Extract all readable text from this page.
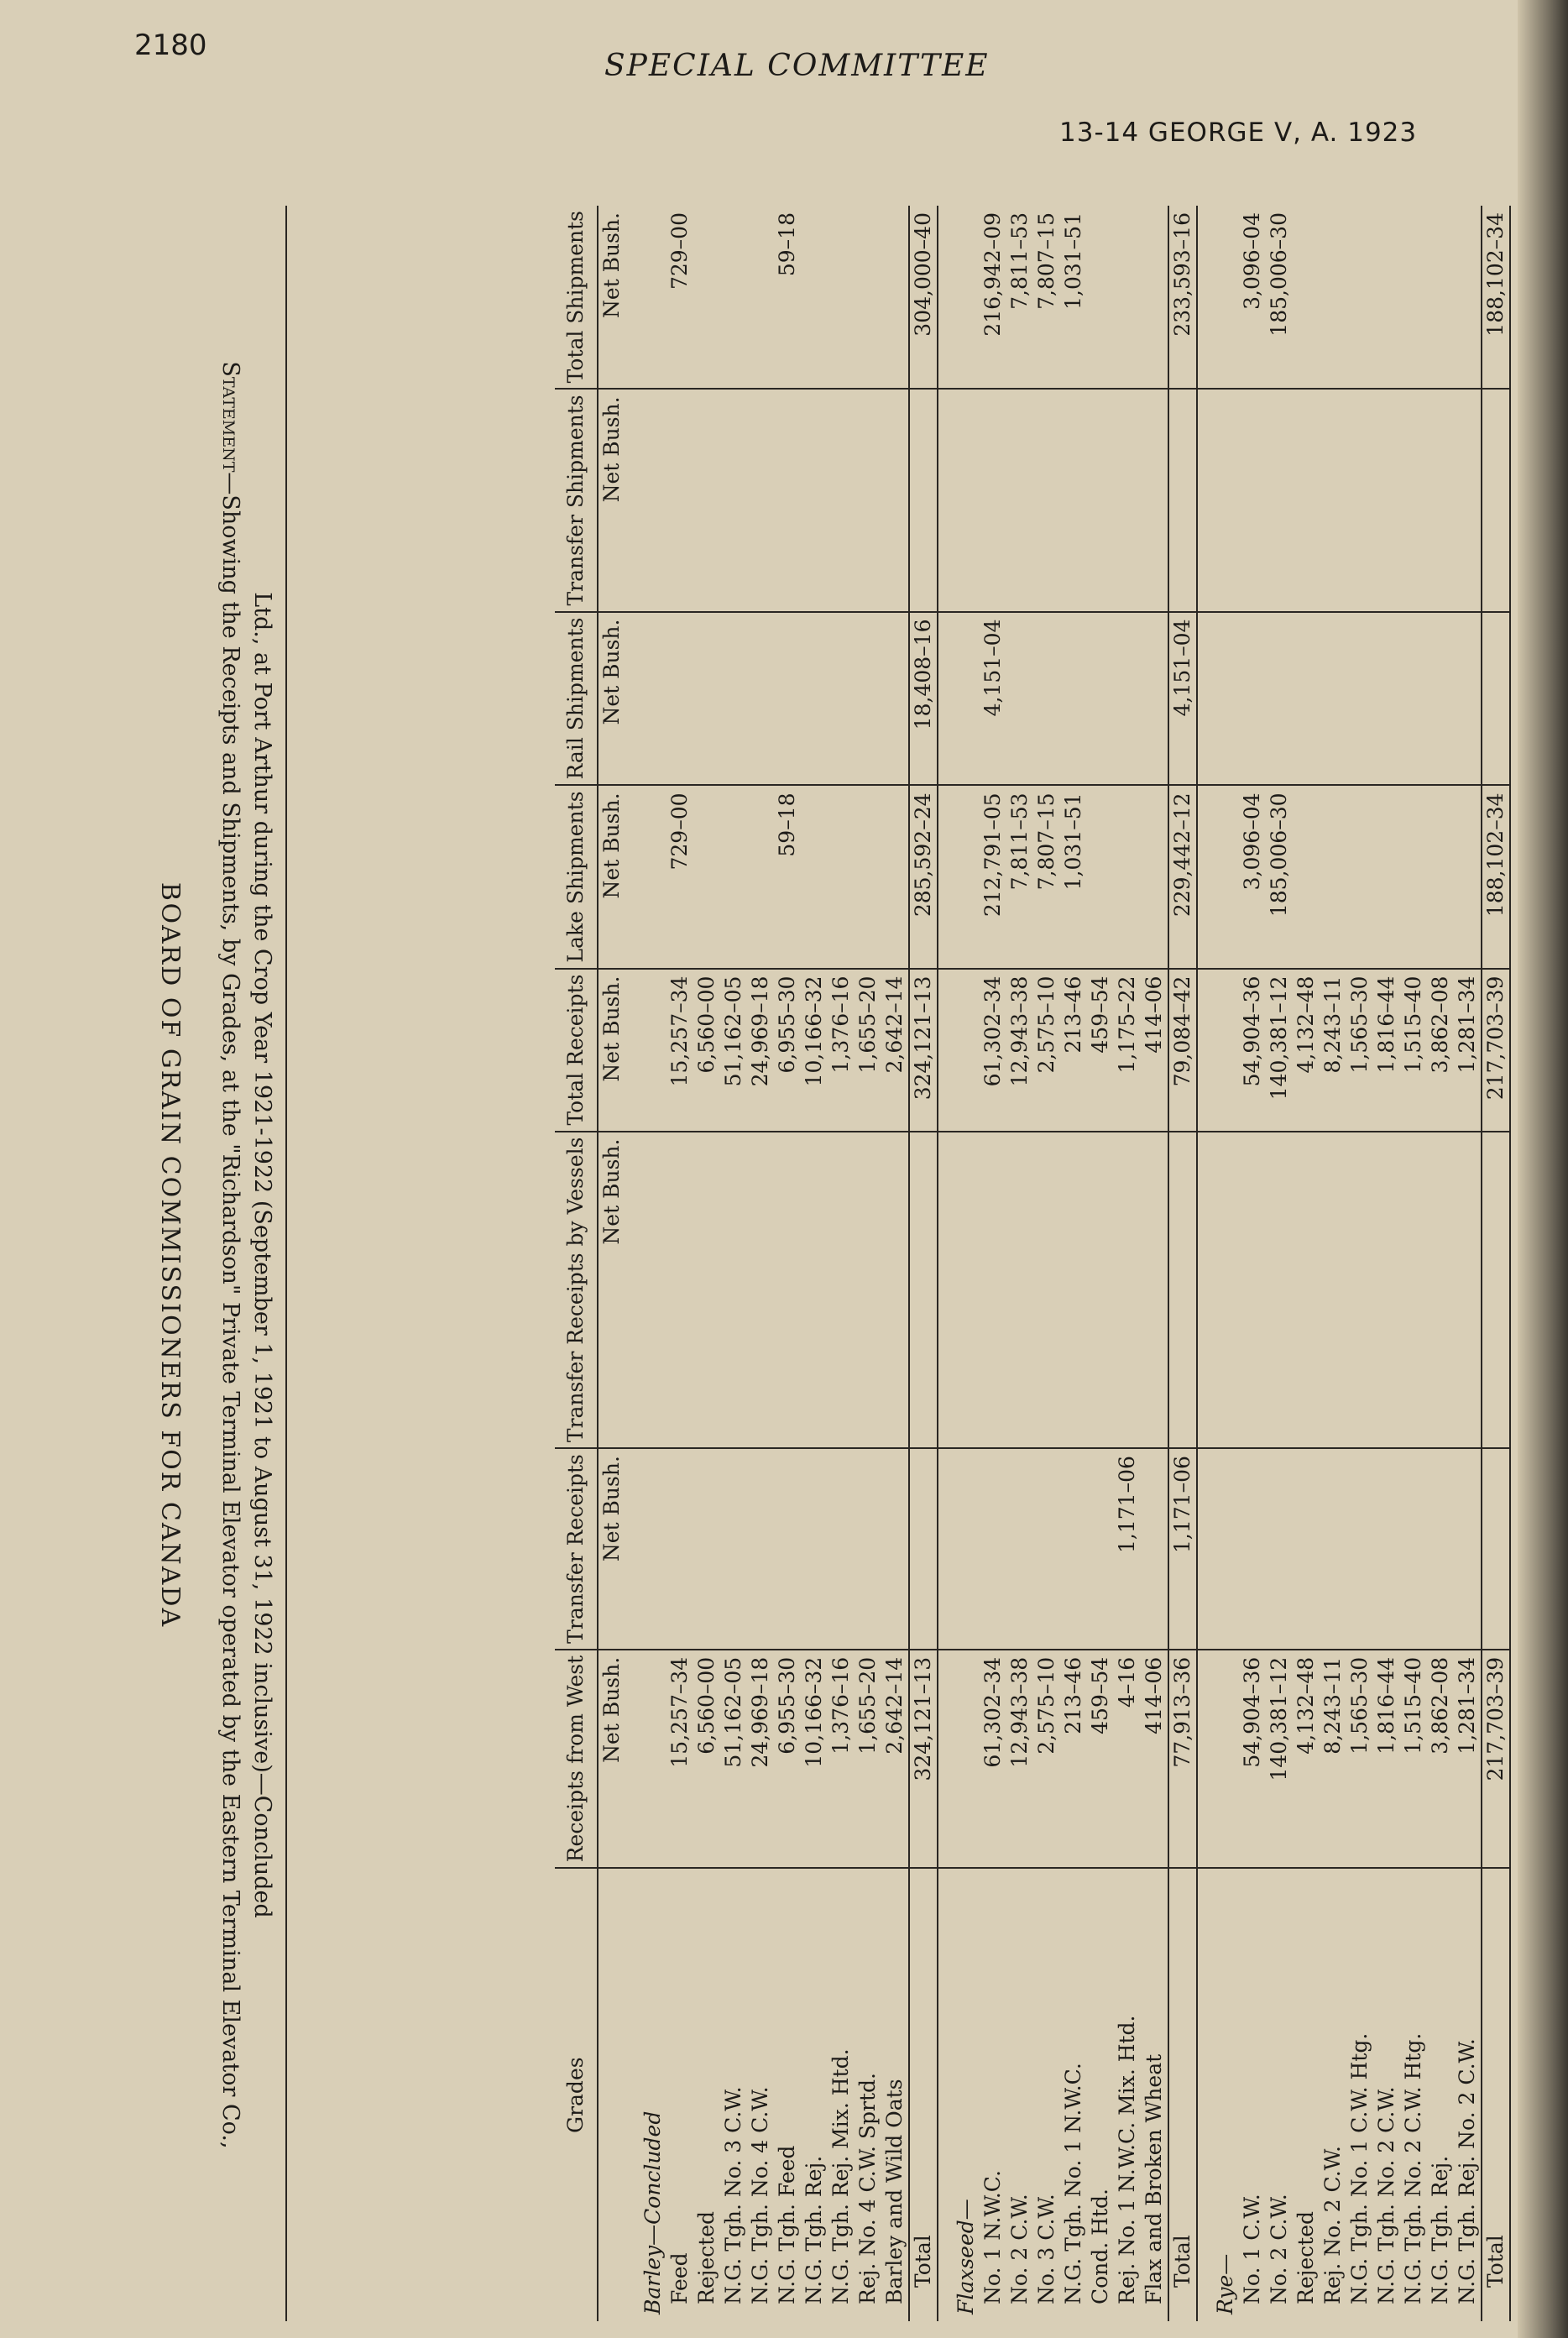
2180
SPECIAL COMMITTEE
13-14 GEORGE V, A. 1923
BOARD OF GRAIN COMMISSIONERS FOR CANADA
Statement—Showing the Receipts and Shipments, by Grades, at the "Richardson" Private Terminal Elevator operated by the Eastern Terminal Elevator Co., Ltd., at Port Arthur during the Crop Year 1921-1922 (September 1, 1921 to August 31, 1922 inclusive)—Concluded
Grades	Receipts from West	Transfer Receipts	Transfer Receipts by Vessels	Total Receipts	Lake Shipments	Rail Shipments	Transfer Shipments	Total Shipments
	Net Bush.	Net Bush.	Net Bush.	Net Bush.	Net Bush.	Net Bush.	Net Bush.	Net Bush.
Barley—Concluded								
Feed	15,257–34			15,257–34	729–00			729–00
Rejected	6,560–00			6,560–00				
N.G. Tgh. No. 3 C.W.	51,162–05			51,162–05				
N.G. Tgh. No. 4 C.W.	24,969–18			24,969–18				
N.G. Tgh. Feed	6,955–30			6,955–30	59–18			59–18
N.G. Tgh. Rej.	10,166–32			10,166–32				
N.G. Tgh. Rej. Mix. Htd.	1,376–16			1,376–16				
Rej. No. 4 C.W. Sprtd.	1,655–20			1,655–20				
Barley and Wild Oats	2,642–14			2,642–14				
Total	324,121–13			324,121–13	285,592–24	18,408–16		304,000–40
Flaxseed—								
No. 1 N.W.C.	61,302–34			61,302–34	212,791–05	4,151–04		216,942–09
No. 2 C.W.	12,943–38			12,943–38	7,811–53			7,811–53
No. 3 C.W.	2,575–10			2,575–10	7,807–15			7,807–15
N.G. Tgh. No. 1 N.W.C.	213–46			213–46	1,031–51			1,031–51
Cond. Htd.	459–54			459–54				
Rej. No. 1 N.W.C. Mix. Htd.	4–16	1,171–06		1,175–22				
Flax and Broken Wheat	414–06			414–06				
Total	77,913–36	1,171–06		79,084–42	229,442–12	4,151–04		233,593–16
Rye—								
No. 1 C.W.	54,904–36			54,904–36	3,096–04			3,096–04
No. 2 C.W.	140,381–12			140,381–12	185,006–30			185,006–30
Rejected	4,132–48			4,132–48				
Rej. No. 2 C.W.	8,243–11			8,243–11				
N.G. Tgh. No. 1 C.W. Htg.	1,565–30			1,565–30				
N.G. Tgh. No. 2 C.W.	1,816–44			1,816–44				
N.G. Tgh. No. 2 C.W. Htg.	1,515–40			1,515–40				
N.G. Tgh. Rej.	3,862–08			3,862–08				
N.G. Tgh. Rej. No. 2 C.W.	1,281–34			1,281–34				
Total	217,703–39			217,703–39	188,102–34			188,102–34
